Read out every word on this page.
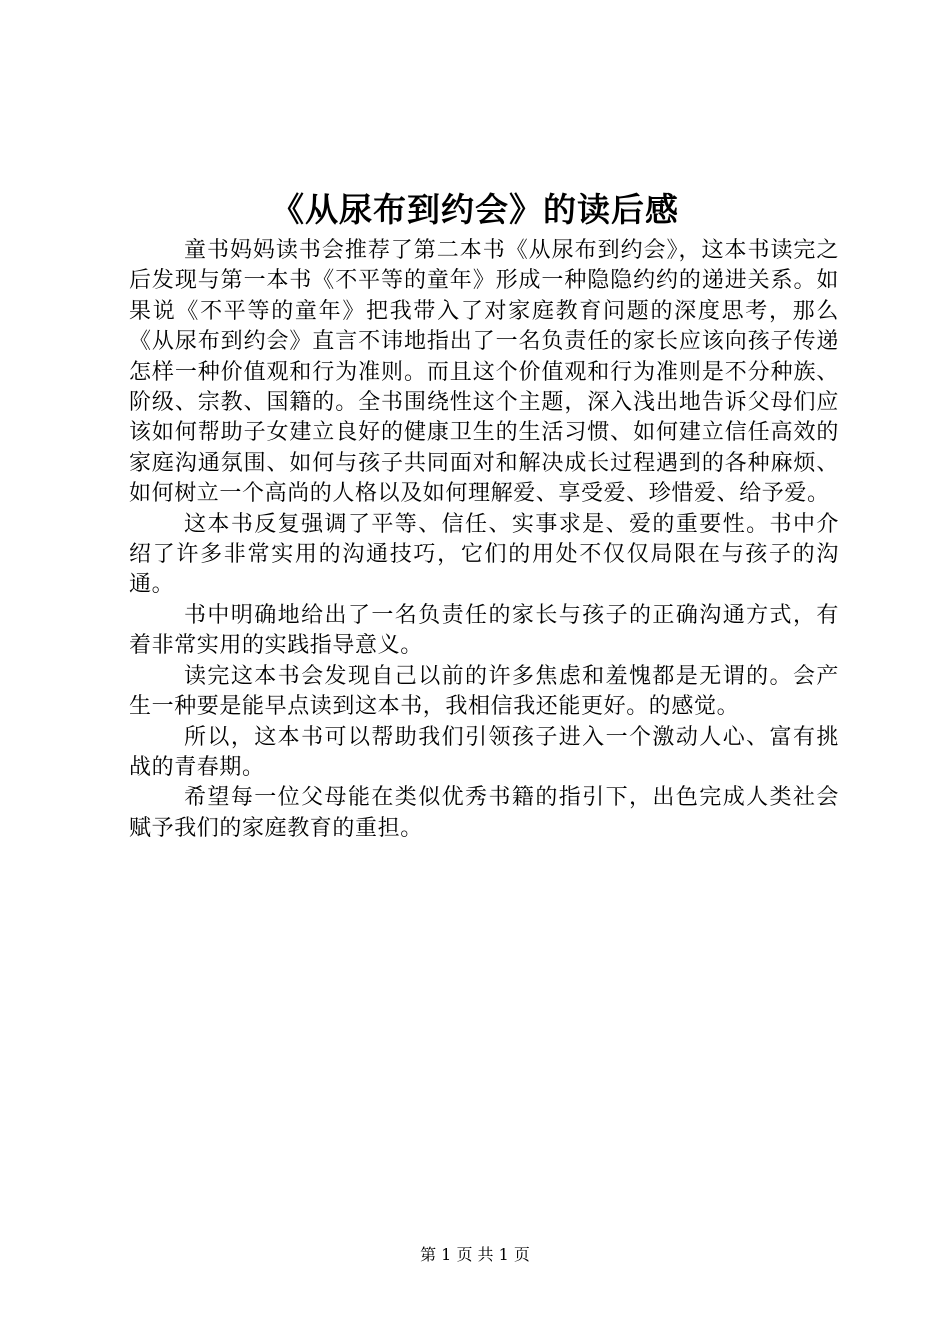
《从尿布到约会》的读后感

童书妈妈读书会推荐了第二本书《从尿布到约会》，这本书读完之后发现与第一本书《不平等的童年》形成一种隐隐约约的递进关系。如果说《不平等的童年》把我带入了对家庭教育问题的深度思考，那么《从尿布到约会》直言不讳地指出了一名负责任的家长应该向孩子传递怎样一种价值观和行为准则。而且这个价值观和行为准则是不分种族、阶级、宗教、国籍的。全书围绕性这个主题，深入浅出地告诉父母们应该如何帮助子女建立良好的健康卫生的生活习惯、如何建立信任高效的家庭沟通氛围、如何与孩子共同面对和解决成长过程遇到的各种麻烦、如何树立一个高尚的人格以及如何理解爱、享受爱、珍惜爱、给予爱。

这本书反复强调了平等、信任、实事求是、爱的重要性。书中介绍了许多非常实用的沟通技巧，它们的用处不仅仅局限在与孩子的沟通。

书中明确地给出了一名负责任的家长与孩子的正确沟通方式，有着非常实用的实践指导意义。

读完这本书会发现自己以前的许多焦虑和羞愧都是无谓的。会产生一种要是能早点读到这本书，我相信我还能更好。的感觉。

所以，这本书可以帮助我们引领孩子进入一个激动人心、富有挑战的青春期。

希望每一位父母能在类似优秀书籍的指引下，出色完成人类社会赋予我们的家庭教育的重担。

第 1 页 共 1 页
